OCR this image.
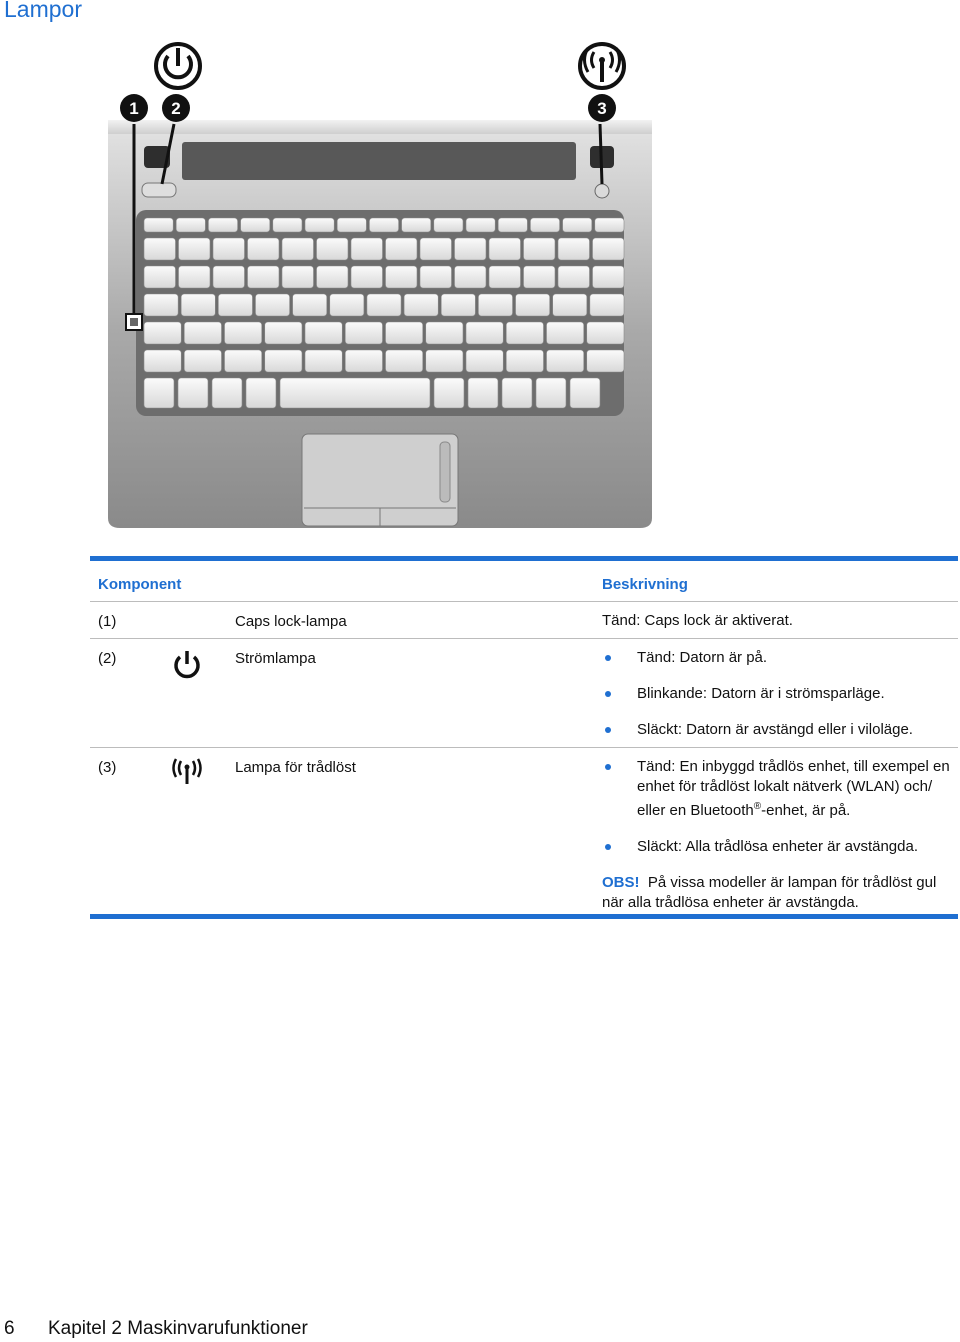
Lampor
1 2	3
Komponent	Beskrivning
(1)	Caps lock-lampa	Tänd: Caps lock är aktiverat.
(2)	Strömlampa	Tänd: Datorn är på.
Blinkande: Datorn är i strömsparläge.
Släckt: Datorn är avstängd eller i viloläge.
(3)	Lampa för trådlöst	Tänd: En inbyggd trådlös enhet, till exempel en enhet för trådlöst lokalt nätverk (WLAN) och/ eller en Bluetooth®-enhet, är på.
Släckt: Alla trådlösa enheter är avstängda.
OBS! På vissa modeller är lampan för trådlöst gul när alla trådlösa enheter är avstängda.
6 Kapitel 2 Maskinvarufunktioner
